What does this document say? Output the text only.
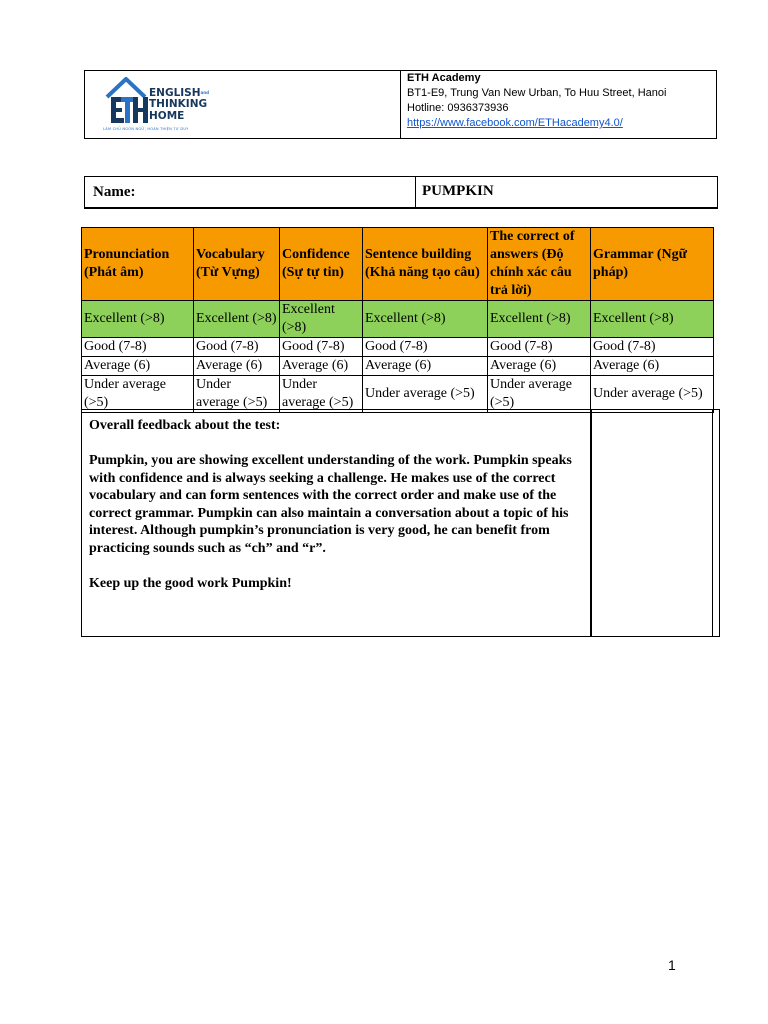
ENGLISHand
THINKING
HOME
LÀM CHỦ NGÔN NGỮ, HOÀN THIỆN TƯ DUY
ETH Academy
BT1-E9, Trung Van New Urban, To Huu Street, Hanoi
Hotline: 0936373936
https://www.facebook.com/ETHacademy4.0/
Name:	PUMPKIN
Pronunciation (Phát âm)	Vocabulary (Từ Vựng)	Confidence (Sự tự tin)	Sentence building (Khả năng tạo câu)	The correct of answers (Độ chính xác câu trả lời)	Grammar (Ngữ pháp)
Excellent (>8)	Excellent (>8)	Excellent (>8)	Excellent (>8)	Excellent (>8)	Excellent (>8)
Good (7-8)	Good (7-8)	Good (7-8)	Good (7-8)	Good (7-8)	Good (7-8)
Average (6)	Average (6)	Average (6)	Average (6)	Average (6)	Average (6)
Under average (>5)	Under average (>5)	Under average (>5)	Under average (>5)	Under average (>5)	Under average (>5)

Overall feedback about the test:

Pumpkin, you are showing excellent understanding of the work. Pumpkin speaks with confidence and is always seeking a challenge. He makes use of the correct vocabulary and can form sentences with the correct order and make use of the correct grammar. Pumpkin can also maintain a conversation about a topic of his interest. Although pumpkin’s pronunciation is very good, he can benefit from practicing sounds such as “ch” and “r”.

Keep up the good work Pumpkin!

1
